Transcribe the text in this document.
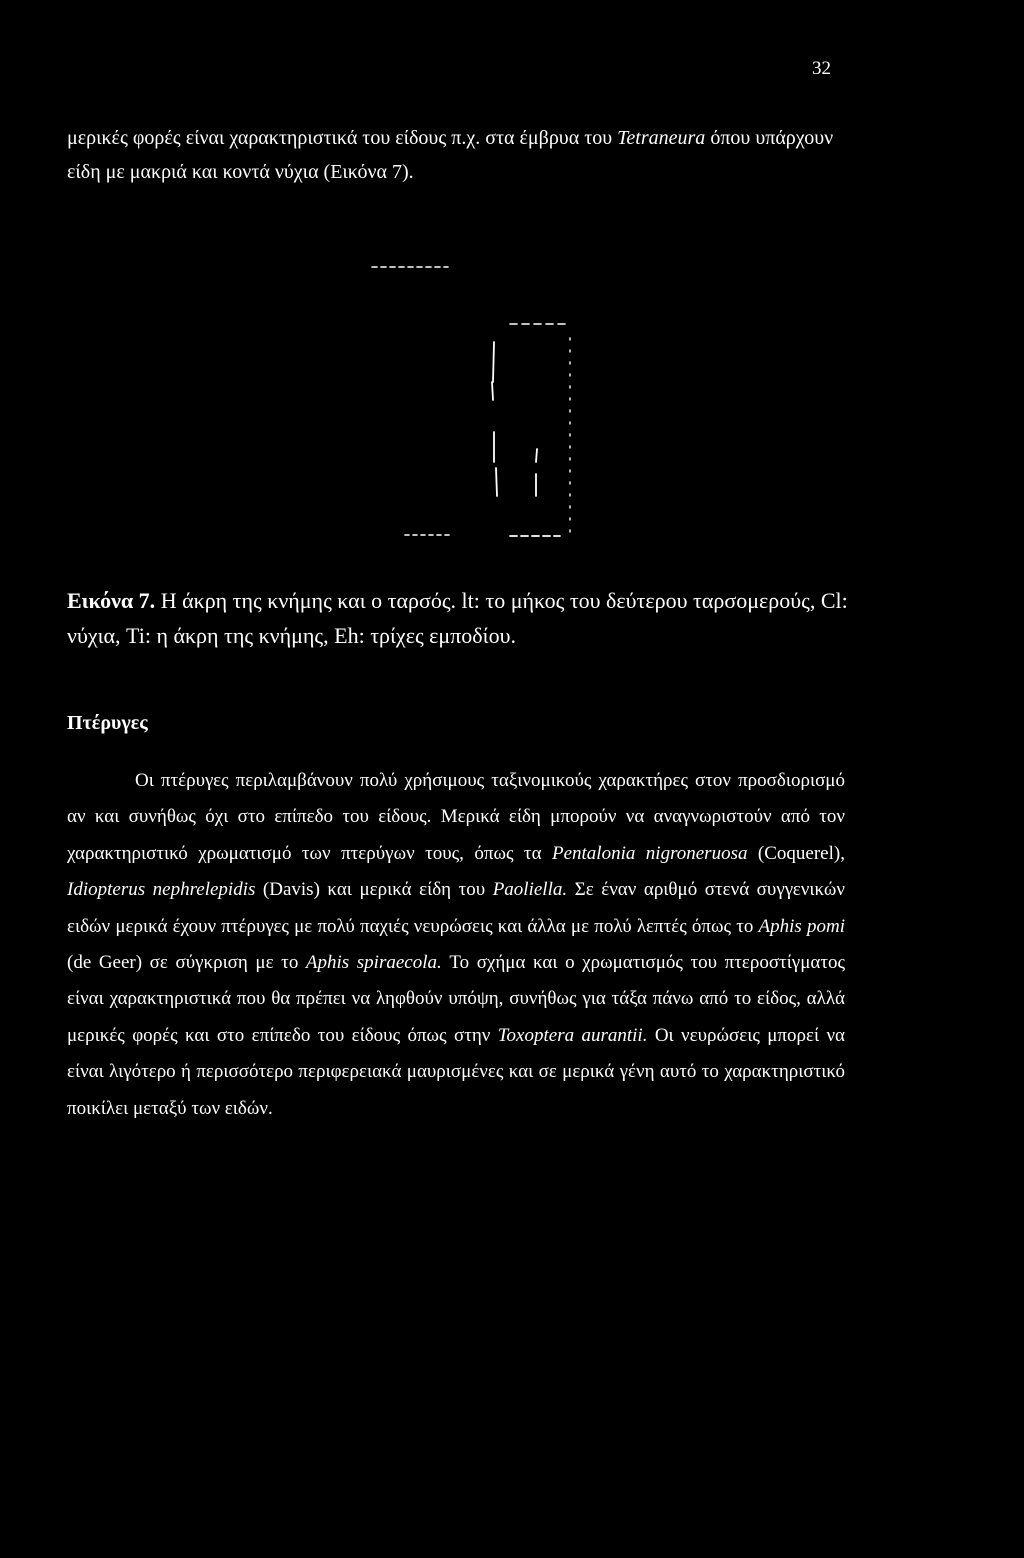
32

μερικές φορές είναι χαρακτηριστικά του είδους π.χ. στα έμβρυα του Tetraneura όπου υπάρχουν είδη με μακριά και κοντά νύχια (Εικόνα 7).

Εικόνα 7. Η άκρη της κνήμης και ο ταρσός. lt: το μήκος του δεύτερου ταρσομερούς, Cl: νύχια, Ti: η άκρη της κνήμης, Eh: τρίχες εμποδίου.

Πτέρυγες

Οι πτέρυγες περιλαμβάνουν πολύ χρήσιμους ταξινομικούς χαρακτήρες στον προσδιορισμό αν και συνήθως όχι στο επίπεδο του είδους. Μερικά είδη μπορούν να αναγνωριστούν από τον χαρακτηριστικό χρωματισμό των πτερύγων τους, όπως τα Pentalonia nigroneruosa (Coquerel), Idiopterus nephrelepidis (Davis) και μερικά είδη του Paoliella. Σε έναν αριθμό στενά συγγενικών ειδών μερικά έχουν πτέρυγες με πολύ παχιές νευρώσεις και άλλα με πολύ λεπτές όπως το Aphis pomi (de Geer) σε σύγκριση με το Aphis spiraecola. Το σχήμα και ο χρωματισμός του πτεροστίγματος είναι χαρακτηριστικά που θα πρέπει να ληφθούν υπόψη, συνήθως για τάξα πάνω από το είδος, αλλά μερικές φορές και στο επίπεδο του είδους όπως στην Toxoptera aurantii. Οι νευρώσεις μπορεί να είναι λιγότερο ή περισσότερο περιφερειακά μαυρισμένες και σε μερικά γένη αυτό το χαρακτηριστικό ποικίλει μεταξύ των ειδών.
